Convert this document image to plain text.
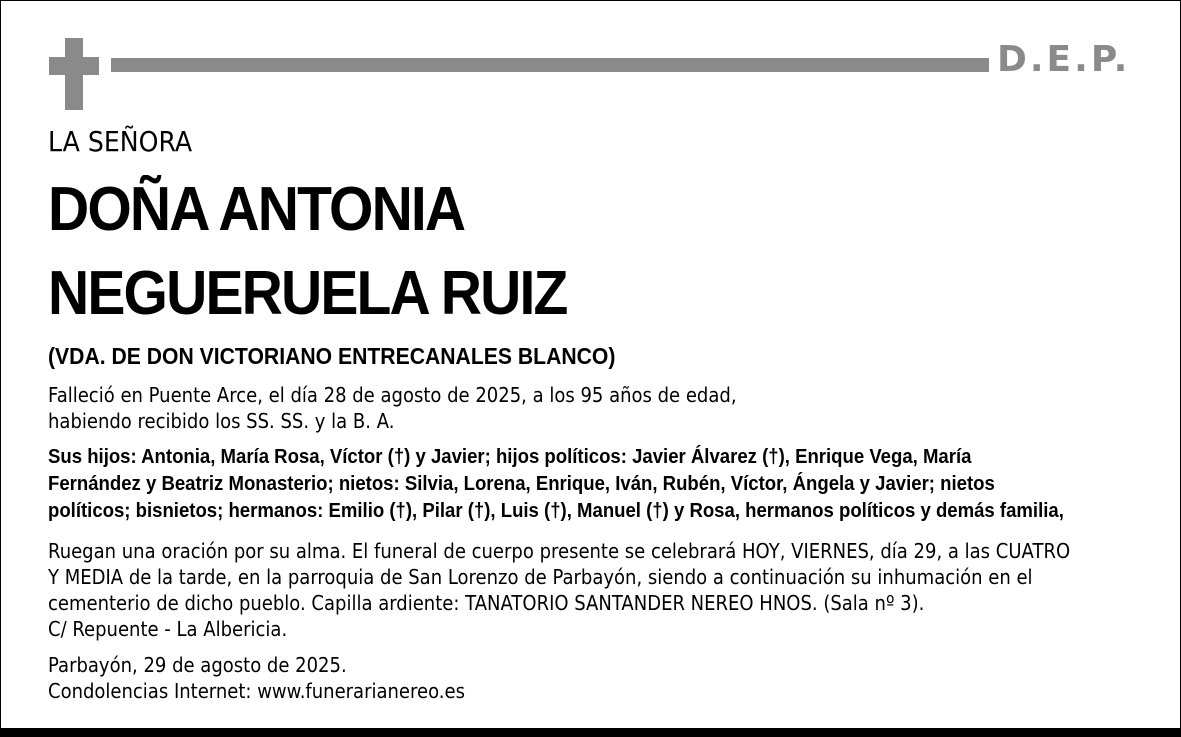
D.E.P.
LA SEÑORA
DOÑA ANTONIA
NEGUERUELA RUIZ
(VDA. DE DON VICTORIANO ENTRECANALES BLANCO)
Falleció en Puente Arce, el día 28 de agosto de 2025, a los 95 años de edad,
habiendo recibido los SS. SS. y la B. A.
Sus hijos: Antonia, María Rosa, Víctor (†) y Javier; hijos políticos: Javier Álvarez (†), Enrique Vega, María
Fernández y Beatriz Monasterio; nietos: Silvia, Lorena, Enrique, Iván, Rubén, Víctor, Ángela y Javier; nietos
políticos; bisnietos; hermanos: Emilio (†), Pilar (†), Luis (†), Manuel (†) y Rosa, hermanos políticos y demás familia,
Ruegan una oración por su alma. El funeral de cuerpo presente se celebrará HOY, VIERNES, día 29, a las CUATRO
Y MEDIA de la tarde, en la parroquia de San Lorenzo de Parbayón, siendo a continuación su inhumación en el
cementerio de dicho pueblo. Capilla ardiente: TANATORIO SANTANDER NEREO HNOS. (Sala nº 3).
C/ Repuente - La Albericia.
Parbayón, 29 de agosto de 2025.
Condolencias Internet: www.funerarianereo.es
